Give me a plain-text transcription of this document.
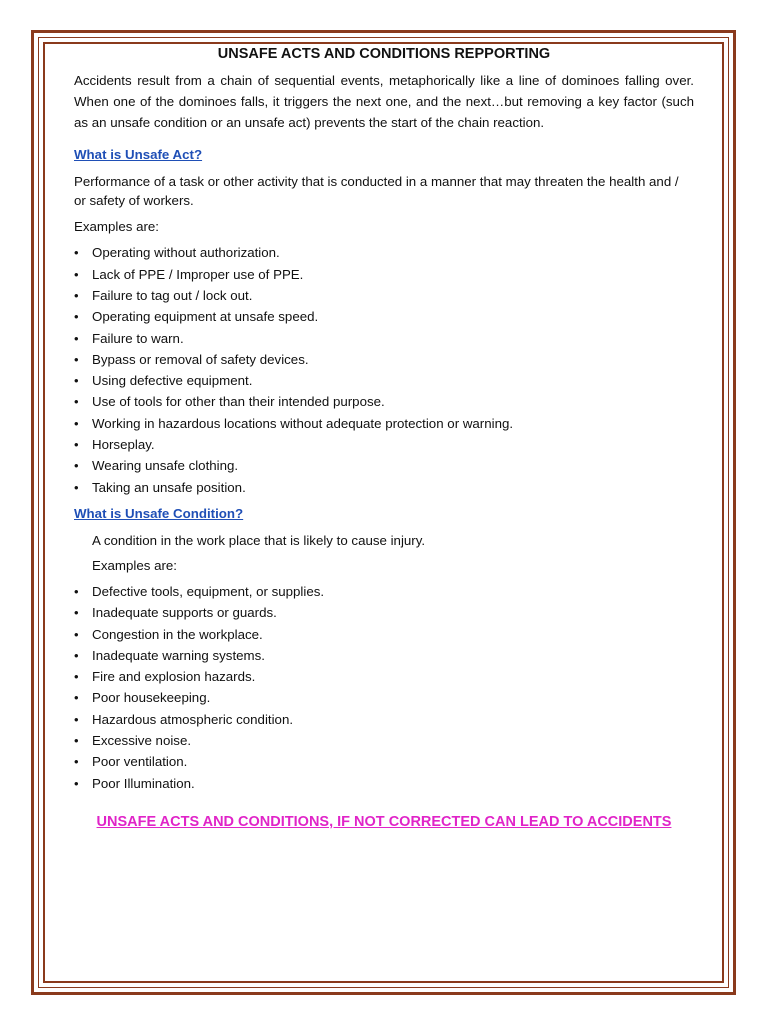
UNSAFE ACTS AND CONDITIONS REPPORTING

Accidents result from a chain of sequential events, metaphorically like a line of dominoes falling over. When one of the dominoes falls, it triggers the next one, and the next…but removing a key factor (such as an unsafe condition or an unsafe act) prevents the start of the chain reaction.

What is Unsafe Act?

Performance of a task or other activity that is conducted in a manner that may threaten the health and / or safety of workers.

Examples are:

• Operating without authorization.
• Lack of PPE / Improper use of PPE.
• Failure to tag out / lock out.
• Operating equipment at unsafe speed.
• Failure to warn.
• Bypass or removal of safety devices.
• Using defective equipment.
• Use of tools for other than their intended purpose.
• Working in hazardous locations without adequate protection or warning.
• Horseplay.
• Wearing unsafe clothing.
• Taking an unsafe position.

What is Unsafe Condition?

A condition in the work place that is likely to cause injury.

Examples are:

• Defective tools, equipment, or supplies.
• Inadequate supports or guards.
• Congestion in the workplace.
• Inadequate warning systems.
• Fire and explosion hazards.
• Poor housekeeping.
• Hazardous atmospheric condition.
• Excessive noise.
• Poor ventilation.
• Poor Illumination.

UNSAFE ACTS AND CONDITIONS, IF NOT CORRECTED CAN LEAD TO ACCIDENTS
